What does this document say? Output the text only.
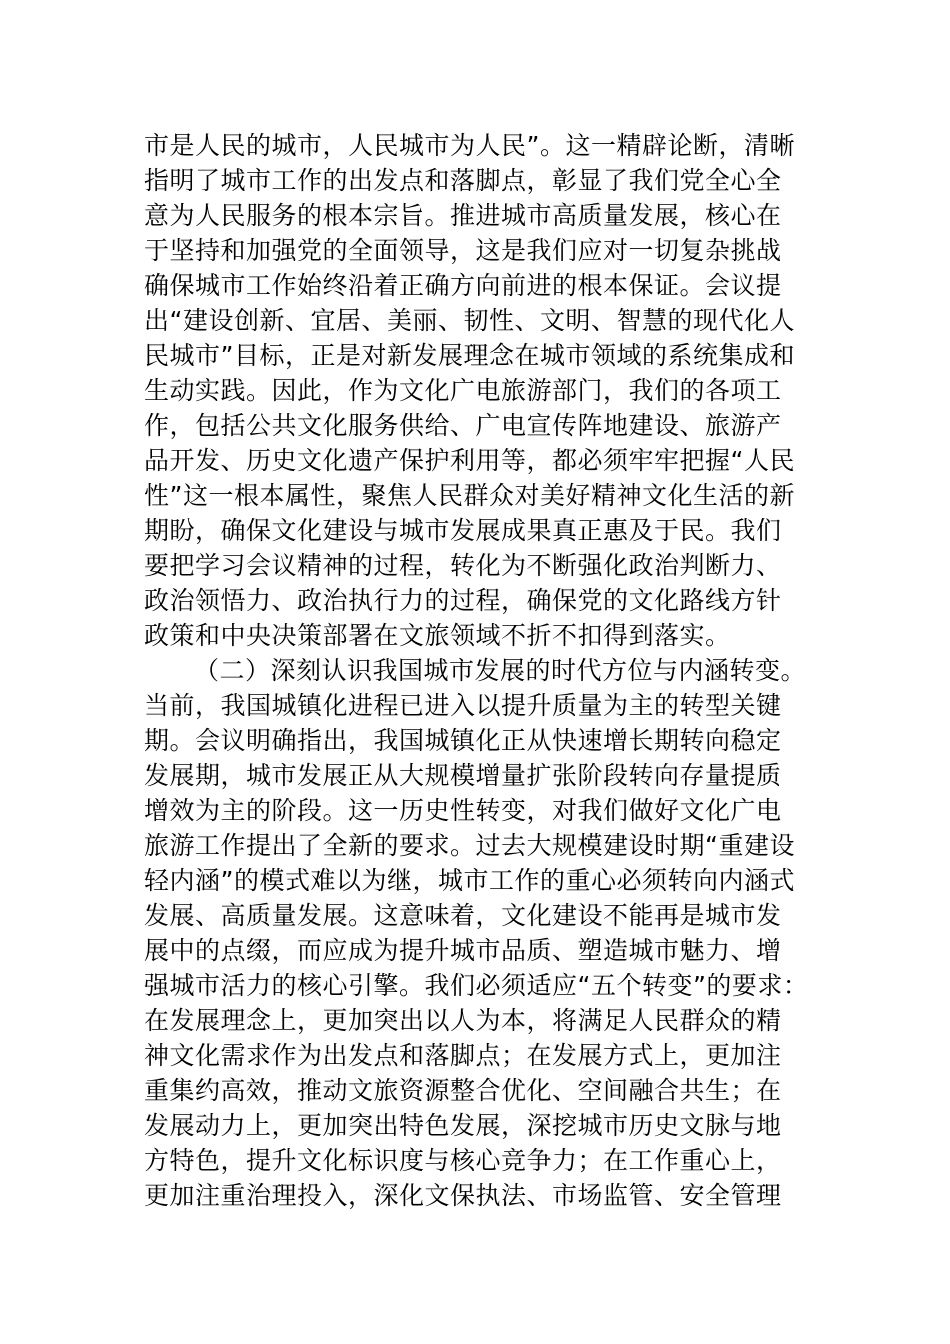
市是人民的城市，人民城市为人民”。这一精辟论断，清晰
指明了城市工作的出发点和落脚点，彰显了我们党全心全
意为人民服务的根本宗旨。推进城市高质量发展，核心在
于坚持和加强党的全面领导，这是我们应对一切复杂挑战
确保城市工作始终沿着正确方向前进的根本保证。会议提
出“建设创新、宜居、美丽、韧性、文明、智慧的现代化人
民城市”目标，正是对新发展理念在城市领域的系统集成和
生动实践。因此，作为文化广电旅游部门，我们的各项工
作，包括公共文化服务供给、广电宣传阵地建设、旅游产
品开发、历史文化遗产保护利用等，都必须牢牢把握“人民
性”这一根本属性，聚焦人民群众对美好精神文化生活的新
期盼，确保文化建设与城市发展成果真正惠及于民。我们
要把学习会议精神的过程，转化为不断强化政治判断力、
政治领悟力、政治执行力的过程，确保党的文化路线方针
政策和中央决策部署在文旅领域不折不扣得到落实。
（二）深刻认识我国城市发展的时代方位与内涵转变。
当前，我国城镇化进程已进入以提升质量为主的转型关键
期。会议明确指出，我国城镇化正从快速增长期转向稳定
发展期，城市发展正从大规模增量扩张阶段转向存量提质
增效为主的阶段。这一历史性转变，对我们做好文化广电
旅游工作提出了全新的要求。过去大规模建设时期“重建设
轻内涵”的模式难以为继，城市工作的重心必须转向内涵式
发展、高质量发展。这意味着，文化建设不能再是城市发
展中的点缀，而应成为提升城市品质、塑造城市魅力、增
强城市活力的核心引擎。我们必须适应“五个转变”的要求：
在发展理念上，更加突出以人为本，将满足人民群众的精
神文化需求作为出发点和落脚点；在发展方式上，更加注
重集约高效，推动文旅资源整合优化、空间融合共生；在
发展动力上，更加突出特色发展，深挖城市历史文脉与地
方特色，提升文化标识度与核心竞争力；在工作重心上，
更加注重治理投入，深化文保执法、市场监管、安全管理
